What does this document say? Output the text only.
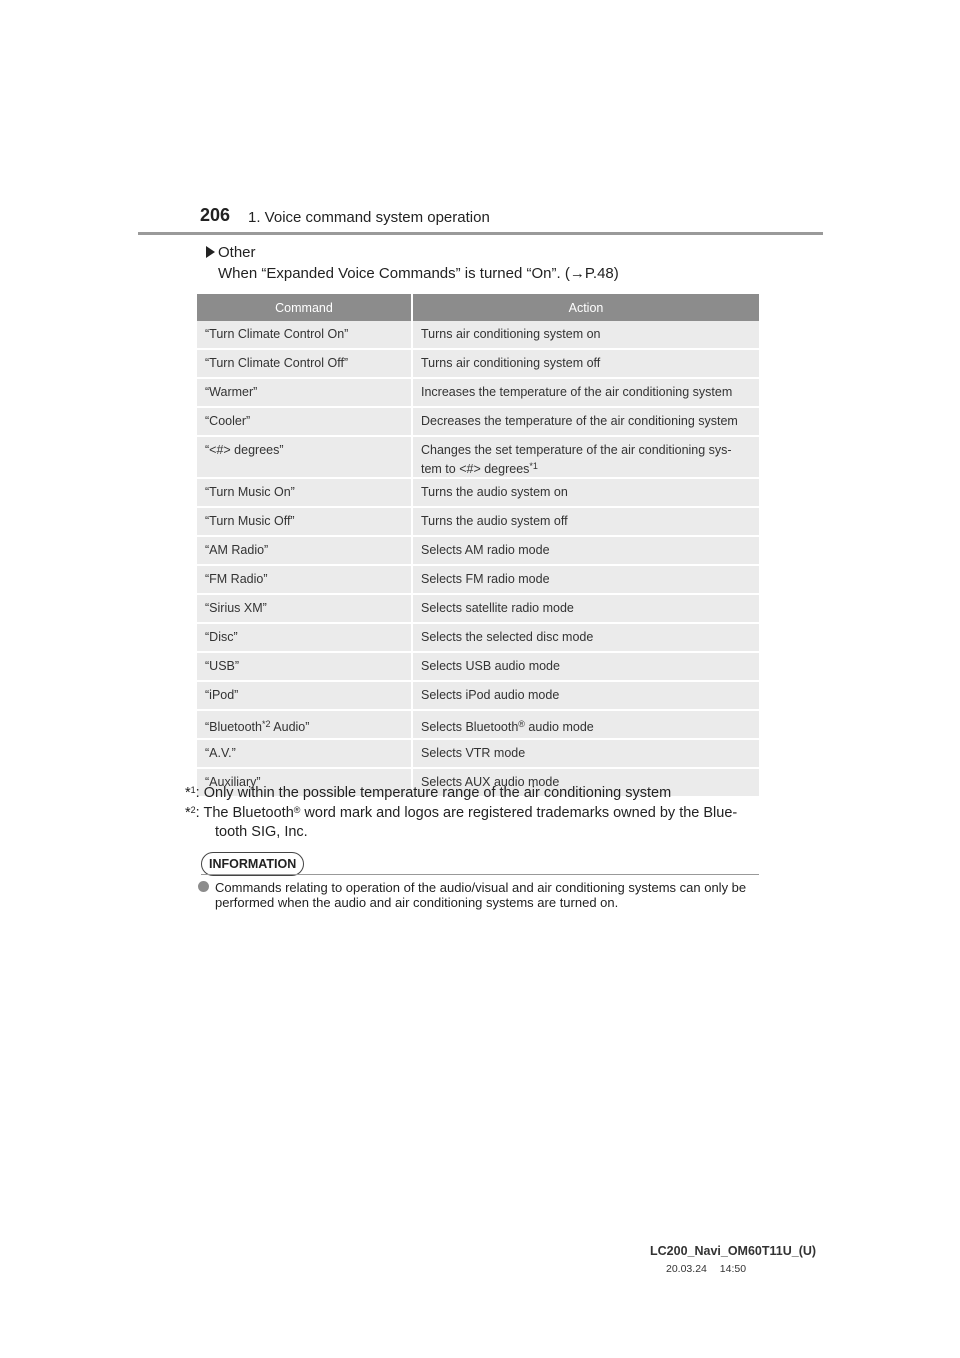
206 1. Voice command system operation
Other
When “Expanded Voice Commands” is turned “On”. (→P.48)
Command	Action
“Turn Climate Control On”	Turns air conditioning system on
“Turn Climate Control Off”	Turns air conditioning system off
“Warmer”	Increases the temperature of the air conditioning system
“Cooler”	Decreases the temperature of the air conditioning system
“<#> degrees”	Changes the set temperature of the air conditioning sys- tem to <#> degrees$^{*1}$
“Turn Music On”	Turns the audio system on
“Turn Music Off”	Turns the audio system off
“AM Radio”	Selects AM radio mode
“FM Radio”	Selects FM radio mode
“Sirius XM”	Selects satellite radio mode
“Disc”	Selects the selected disc mode
“USB”	Selects USB audio mode
“iPod”	Selects iPod audio mode
“Bluetooth$^{*2}$ Audio”	Selects Bluetooth® audio mode
“A.V.”	Selects VTR mode
“Auxiliary”	Selects AUX audio mode
*$^1$: Only within the possible temperature range of the air conditioning system
*$^2$: The Bluetooth® word mark and logos are registered trademarks owned by the Blue-
tooth SIG, Inc.
INFORMATION
Commands relating to operation of the audio/visual and air conditioning systems can only be performed when the audio and air conditioning systems are turned on.
LC200_Navi_OM60T11U_(U)
20.03.24 14:50
